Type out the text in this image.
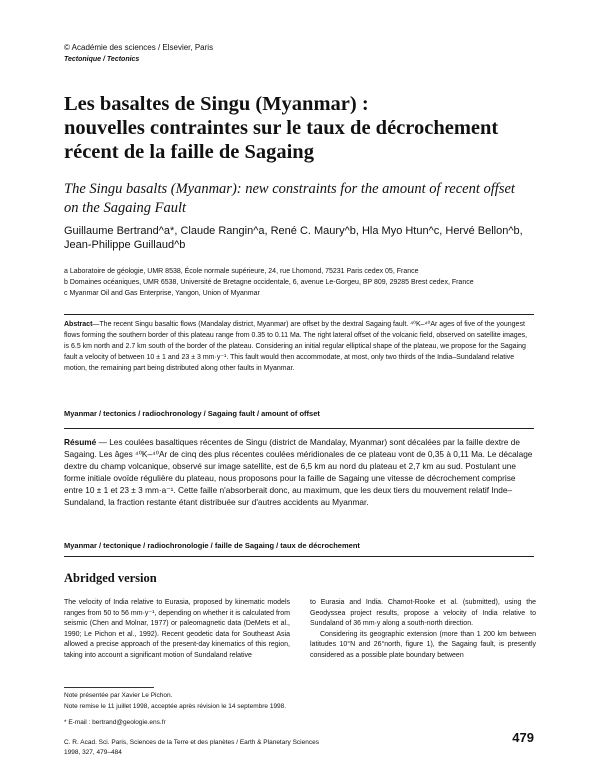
© Académie des sciences / Elsevier, Paris
Tectonique / Tectonics
Les basaltes de Singu (Myanmar) :
nouvelles contraintes sur le taux de décrochement
récent de la faille de Sagaing
The Singu basalts (Myanmar): new constraints for the amount of recent offset
on the Sagaing Fault
Guillaume Bertrand^a*, Claude Rangin^a, René C. Maury^b, Hla Myo Htun^c, Hervé Bellon^b,
Jean-Philippe Guillaud^b
a Laboratoire de géologie, UMR 8538, École normale supérieure, 24, rue Lhomond, 75231 Paris cedex 05, France
b Domaines océaniques, UMR 6538, Université de Bretagne occidentale, 6, avenue Le-Gorgeu, BP 809, 29285 Brest cedex, France
c Myanmar Oil and Gas Enterprise, Yangon, Union of Myanmar
Abstract—The recent Singu basaltic flows (Mandalay district, Myanmar) are offset by the dextral Sagaing fault. ⁴⁰K–⁴⁰Ar ages of five of the youngest flows forming the southern border of this plateau range from 0.35 to 0.11 Ma. The right lateral offset of the volcanic field, observed on satellite images, is 6.5 km north and 2.7 km south of the border of the plateau. Considering an initial regular elliptical shape of the plateau, we propose for the Sagaing fault a velocity of between 10 ± 1 and 23 ± 3 mm·y⁻¹. This fault would then accommodate, at most, only two thirds of the India–Sundaland relative motion, the remaining part being distributed along other faults in Myanmar.
Myanmar / tectonics / radiochronology / Sagaing fault / amount of offset
Résumé — Les coulées basaltiques récentes de Singu (district de Mandalay, Myanmar) sont décalées par la faille dextre de Sagaing. Les âges ⁴⁰K–⁴⁰Ar de cinq des plus récentes coulées méridionales de ce plateau vont de 0,35 à 0,11 Ma. Le décalage dextre du champ volcanique, observé sur image satellite, est de 6,5 km au nord du plateau et 2,7 km au sud. Postulant une forme initiale ovoïde régulière du plateau, nous proposons pour la faille de Sagaing une vitesse de décrochement comprise entre 10 ± 1 et 23 ± 3 mm·a⁻¹. Cette faille n'absorberait donc, au maximum, que les deux tiers du mouvement relatif Inde–Sundaland, la fraction restante étant distribuée sur d'autres accidents au Myanmar.
Myanmar / tectonique / radiochronologie / faille de Sagaing / taux de décrochement
Abridged version
The velocity of India relative to Eurasia, proposed by kinematic models ranges from 50 to 56 mm·y⁻¹, depending on whether it is calculated from seismic (Chen and Molnar, 1977) or paleomagnetic data (DeMets et al., 1990; Le Pichon et al., 1992). Recent geodetic data for Southeast Asia allowed a precise approach of the present-day kinematics of this region, taking into account a significant motion of Sundaland relative
to Eurasia and India. Chamot-Rooke et al. (submitted), using the Geodyssea project results, propose a velocity of India relative to Sundaland of 36 mm·y along a south-north direction.
Considering its geographic extension (more than 1 200 km between latitudes 10°N and 26°north, figure 1), the Sagaing fault, is presently considered as a possible plate boundary between
Note présentée par Xavier Le Pichon.
Note remise le 11 juillet 1998, acceptée après révision le 14 septembre 1998.
* E-mail : bertrand@geologie.ens.fr
C. R. Acad. Sci. Paris, Sciences de la Terre et des planètes / Earth & Planetary Sciences
1998, 327, 479–484
479
